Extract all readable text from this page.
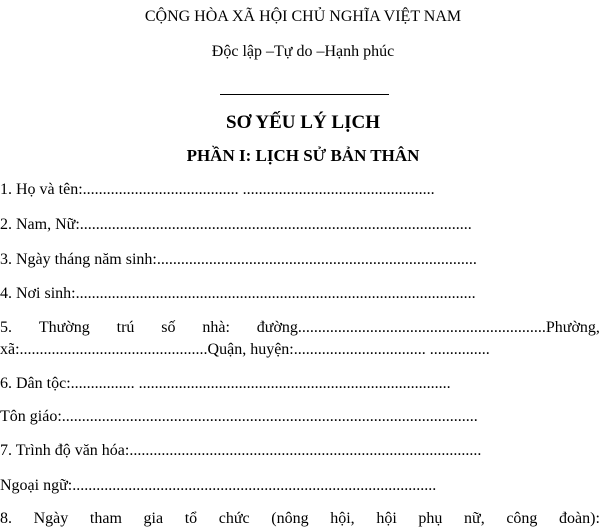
CỘNG HÒA XÃ HỘI CHỦ NGHĨA VIỆT NAM
Độc lập –Tự do –Hạnh phúc
SƠ YẾU LÝ LỊCH
PHẦN I: LỊCH SỬ BẢN THÂN
1. Họ và tên:....................................... ................................................
2. Nam, Nữ:..................................................................................................
3. Ngày tháng năm sinh:................................................................................
4. Nơi sinh:....................................................................................................
5. Thường trú số nhà: đường..............................................................Phường,
xã:...............................................Quận, huyện:................................. ...............
6. Dân tộc:................ ..............................................................................
Tôn giáo:........................................................................................................
7. Trình độ văn hóa:........................................................................................
Ngoại ngữ:...........................................................................................
8. Ngày tham gia tổ chức (nông hội, hội phụ nữ, công đoàn):
